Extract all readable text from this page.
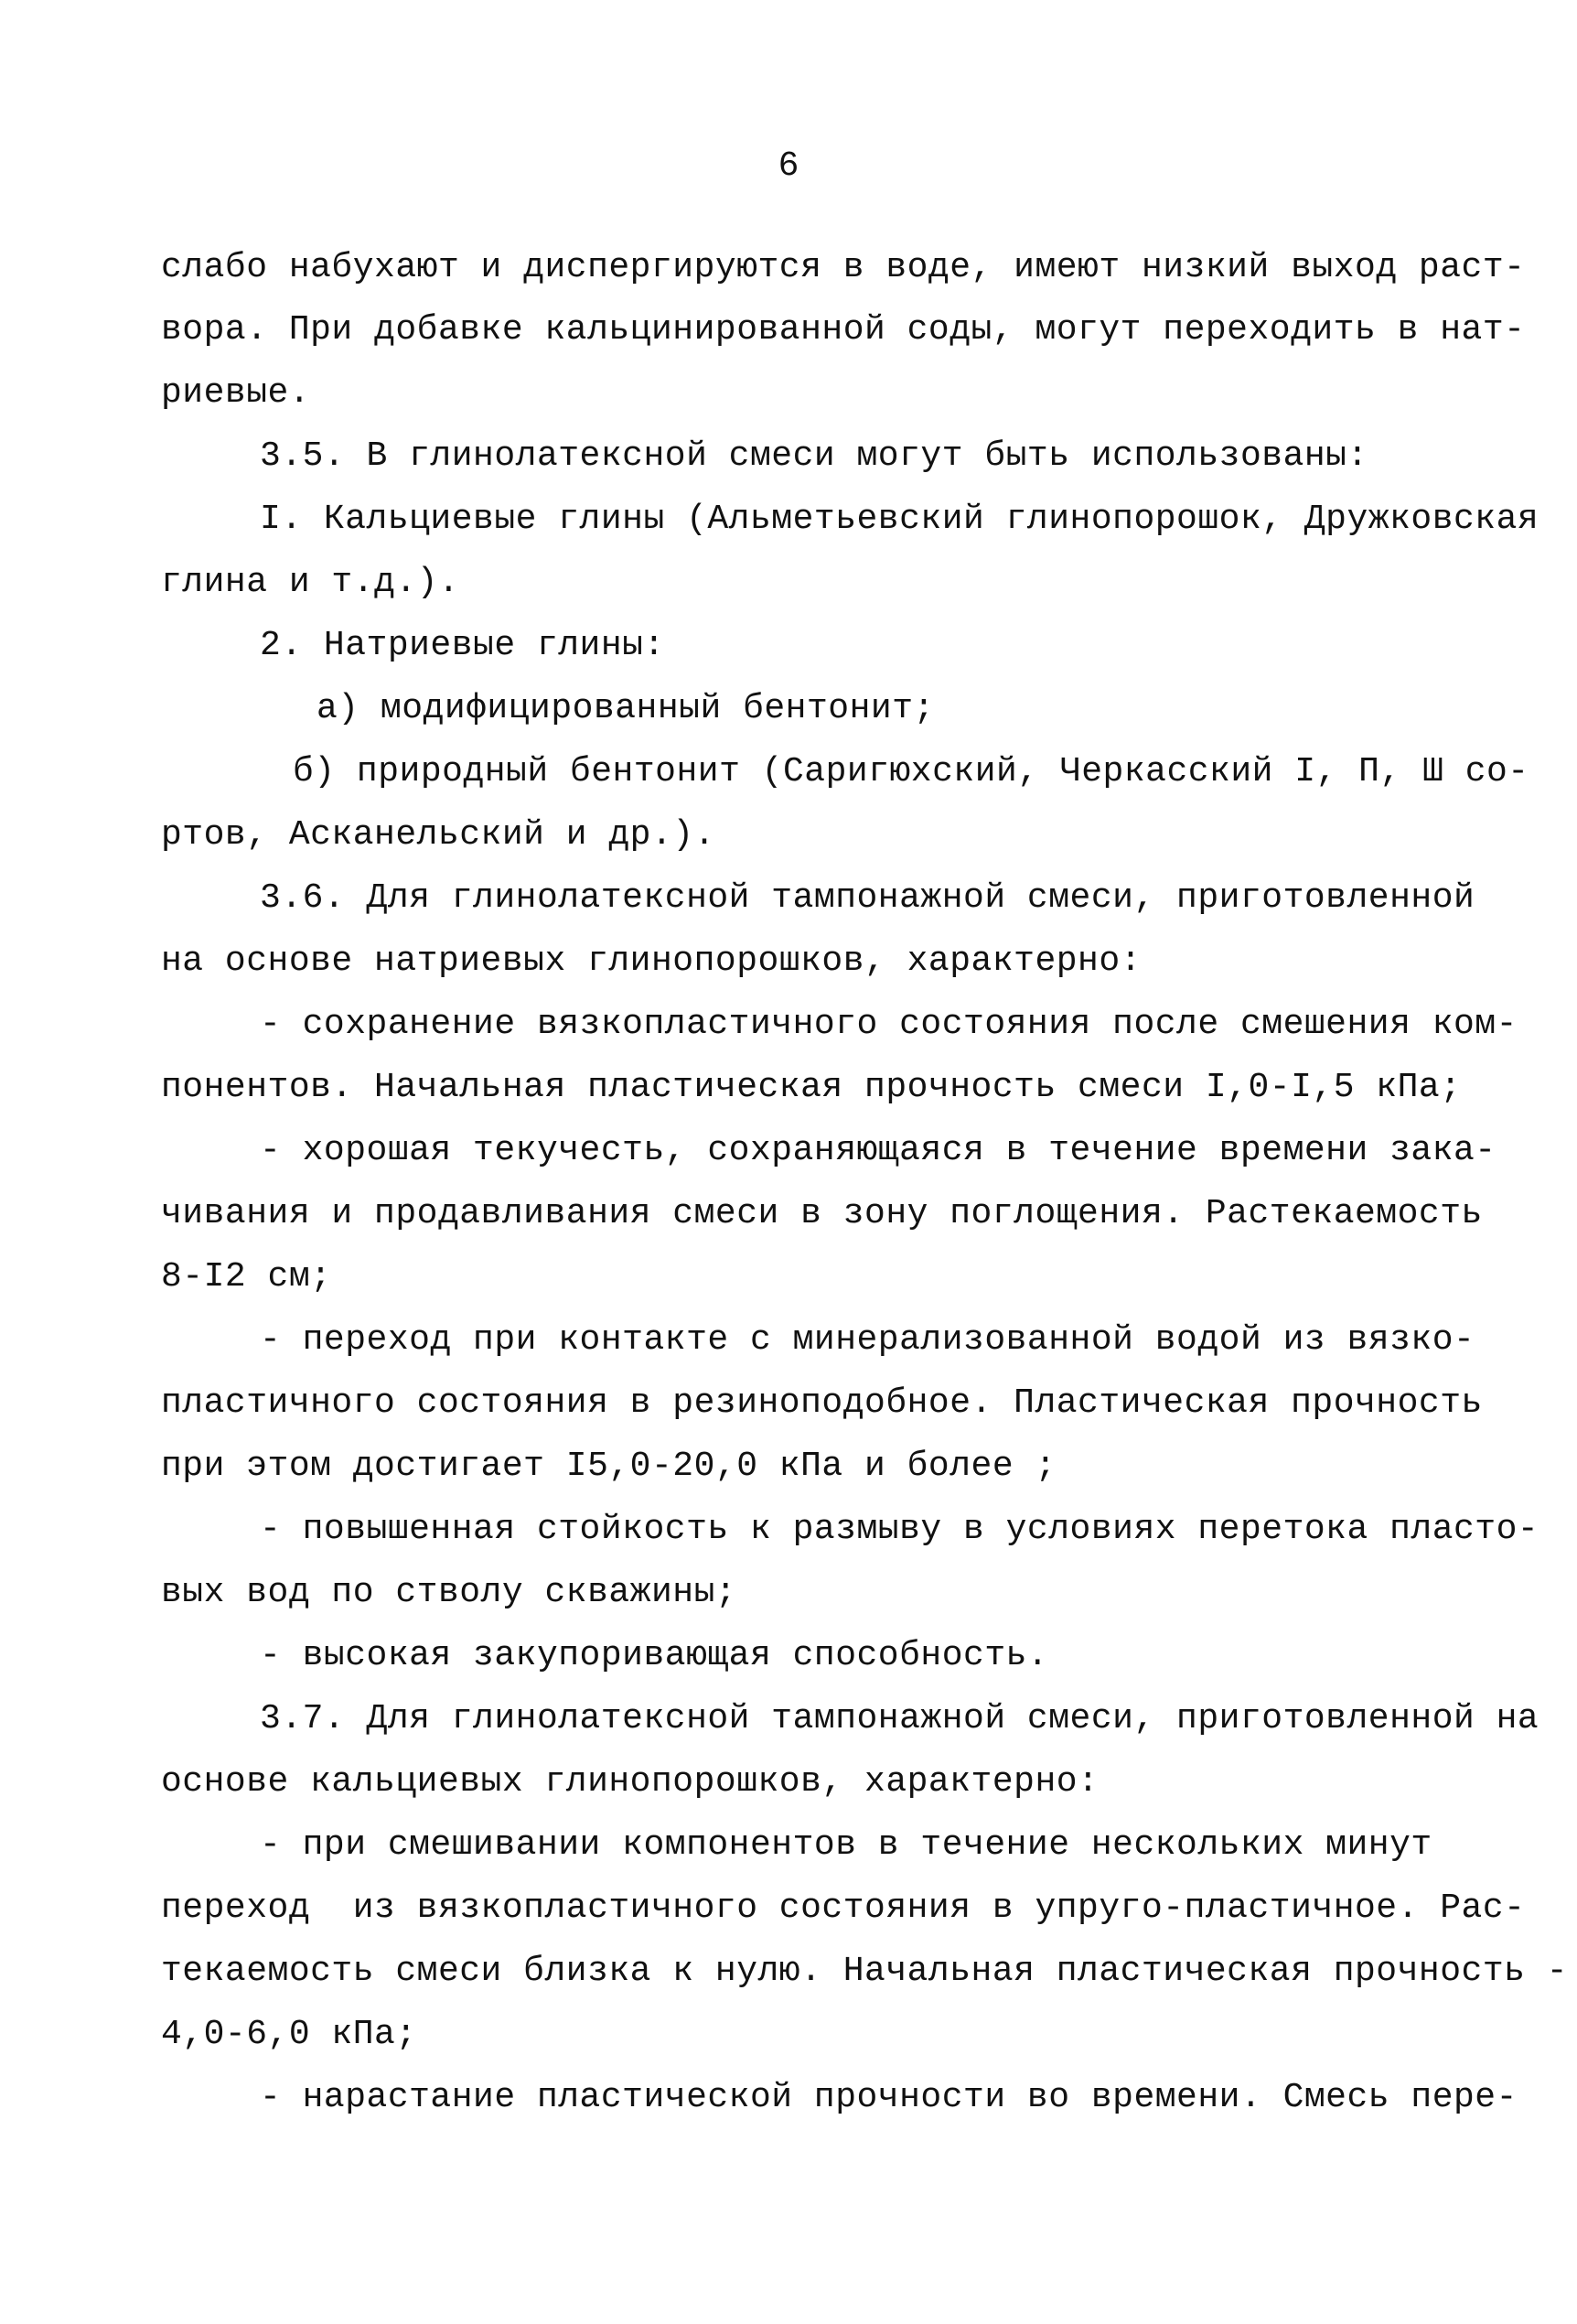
6
слабо набухают и диспергируются в воде, имеют низкий выход раст-
вора. При добавке кальцинированной соды, могут переходить в нат-
риевые.
3.5. В глинолатексной смеси могут быть использованы:
I. Кальциевые глины (Альметьевский глинопорошок, Дружковская
глина и т.д.).
2. Натриевые глины:
а) модифицированный бентонит;
б) природный бентонит (Саригюхский, Черкасский I, П, Ш со-
ртов, Асканельский и др.).
3.6. Для глинолатексной тампонажной смеси, приготовленной
на основе натриевых глинопорошков, характерно:
- сохранение вязкопластичного состояния после смешения ком-
понентов. Начальная пластическая прочность смеси I,0-I,5 кПа;
- хорошая текучесть, сохраняющаяся в течение времени зака-
чивания и продавливания смеси в зону поглощения. Растекаемость
8-I2 см;
- переход при контакте с минерализованной водой из вязко-
пластичного состояния в резиноподобное. Пластическая прочность
при этом достигает I5,0-20,0 кПа и более ;
- повышенная стойкость к размыву в условиях перетока пласто-
вых вод по стволу скважины;
- высокая закупоривающая способность.
3.7. Для глинолатексной тампонажной смеси, приготовленной на
основе кальциевых глинопорошков, характерно:
- при смешивании компонентов в течение нескольких минут
переход  из вязкопластичного состояния в упруго-пластичное. Рас-
текаемость смеси близка к нулю. Начальная пластическая прочность -
4,0-6,0 кПа;
- нарастание пластической прочности во времени. Смесь пере-
